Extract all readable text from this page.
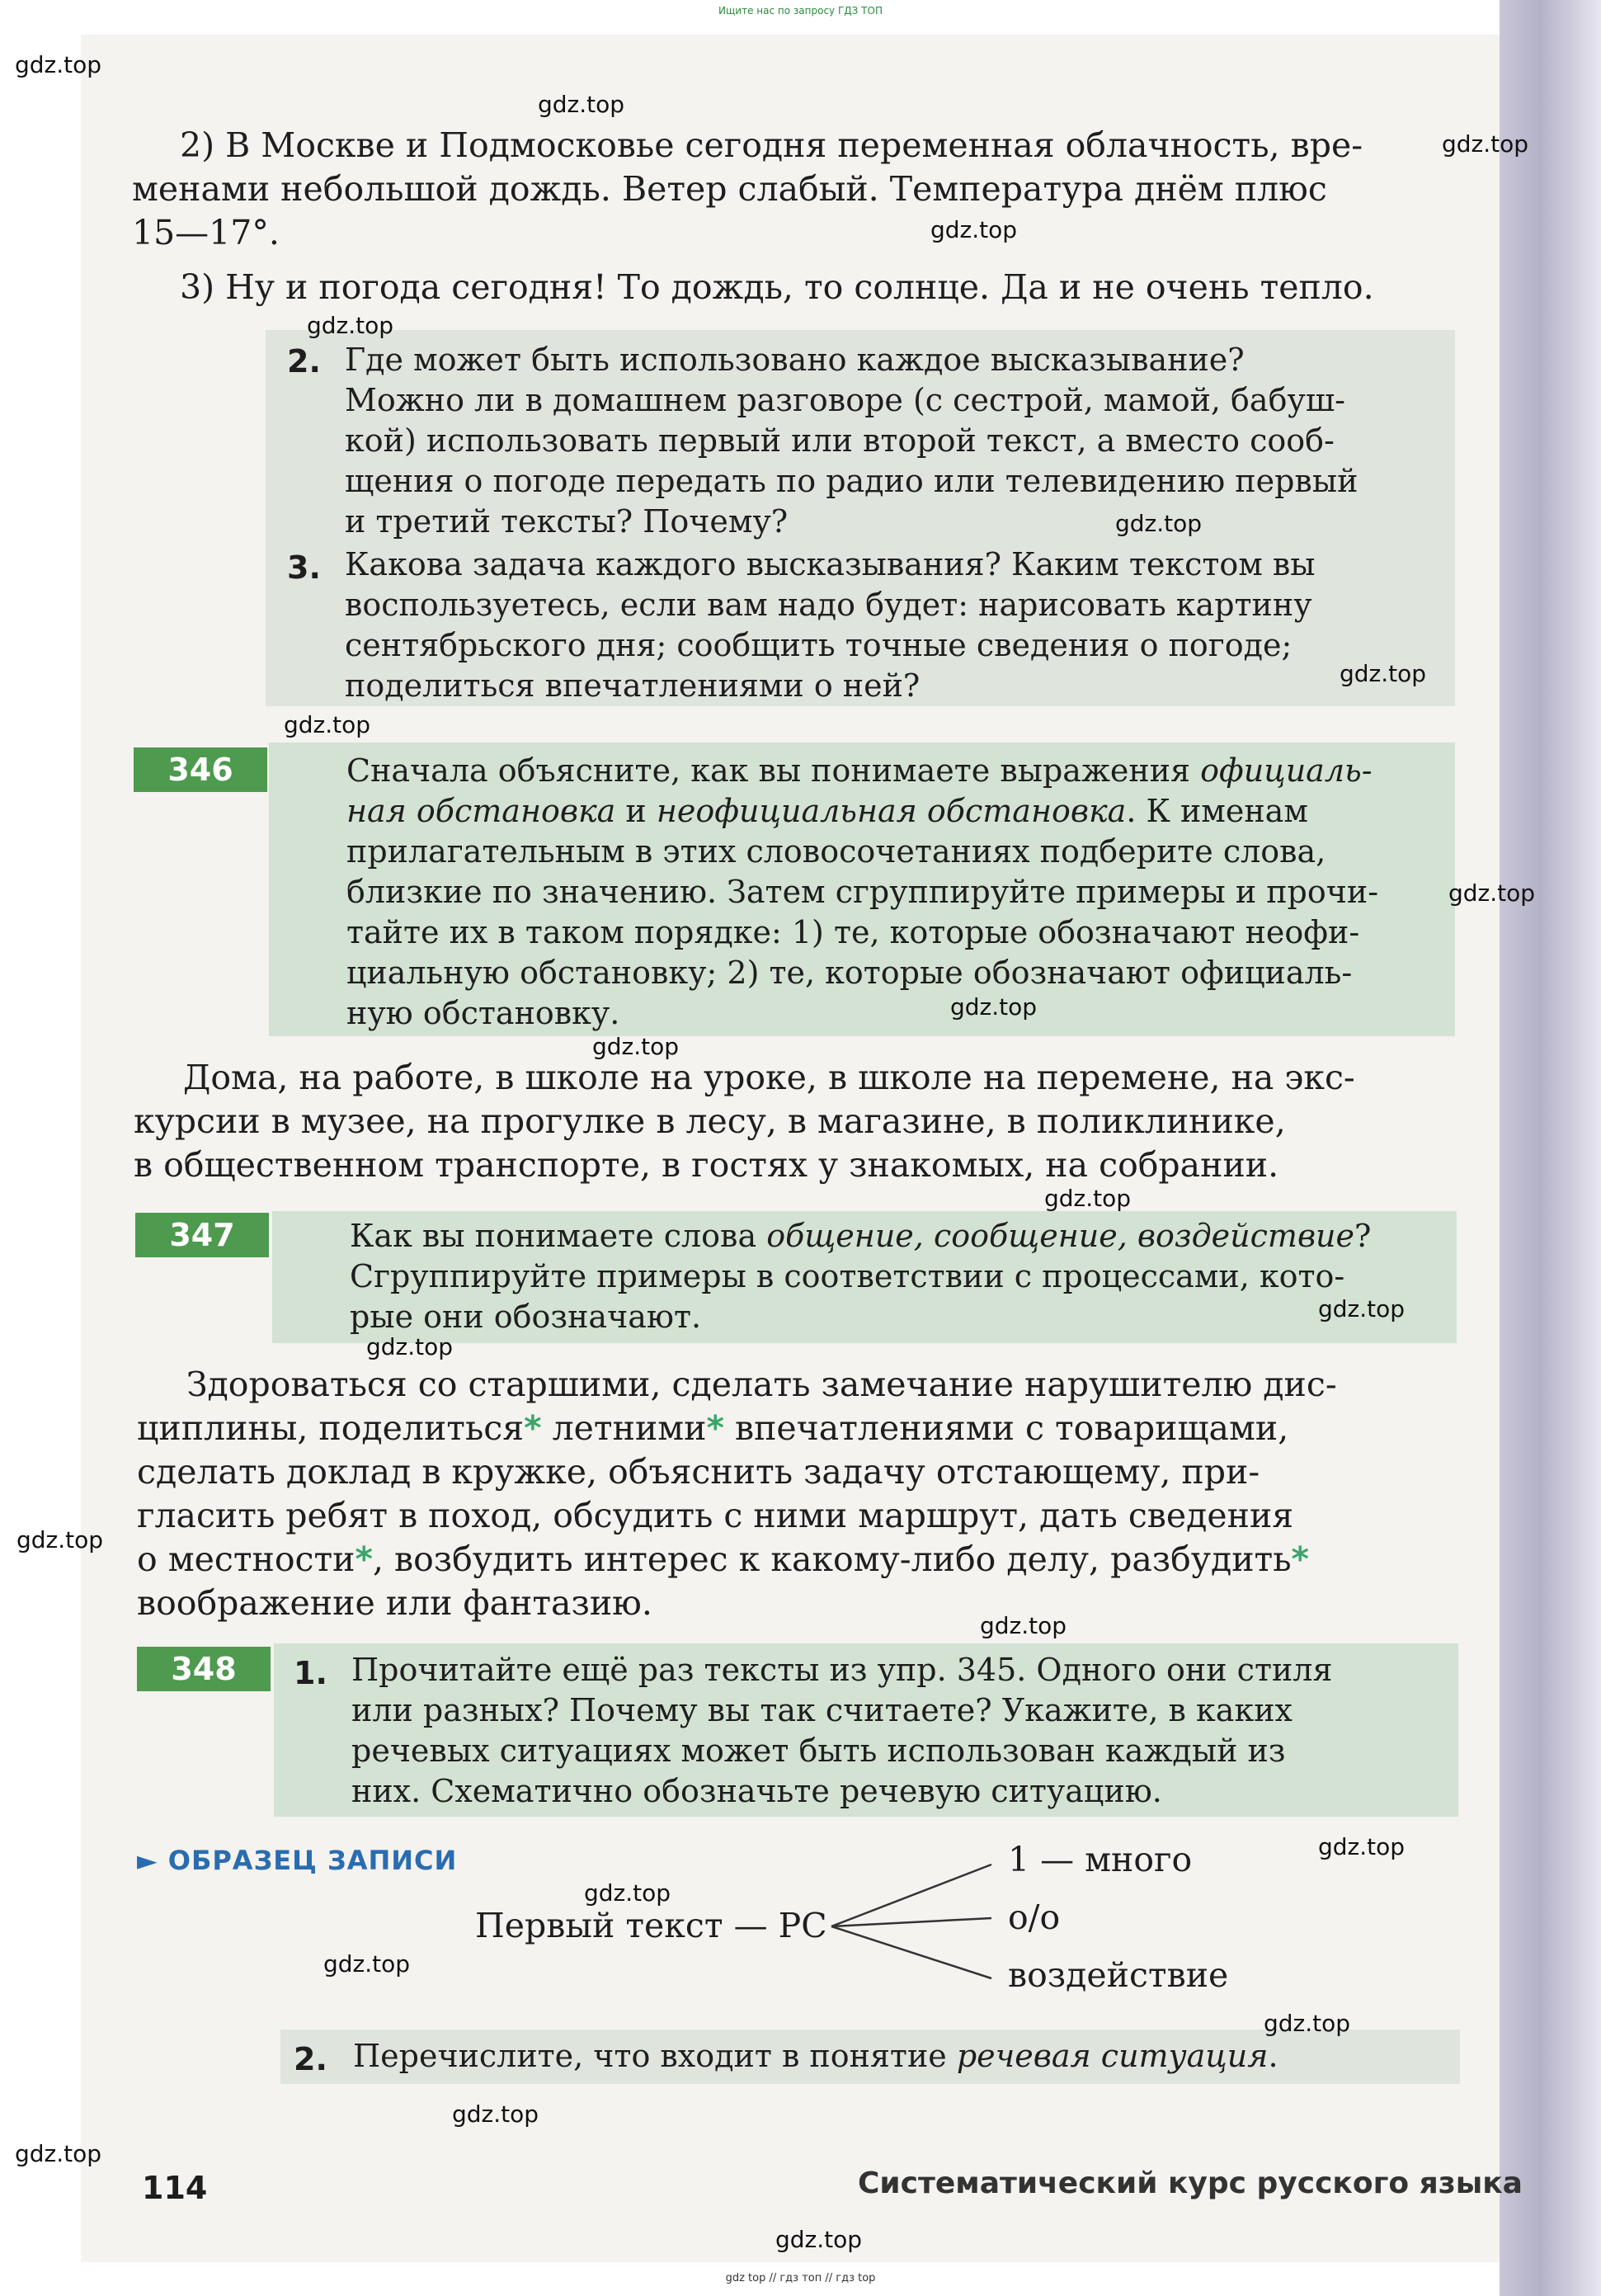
Ищите нас по запросу ГДЗ ТОП
2) В Москве и Подмосковье сегодня переменная облачность, вре-
менами небольшой дождь. Ветер слабый. Температура днём плюс
15—17°.
3) Ну и погода сегодня! То дождь, то солнце. Да и не очень тепло.
2. Где может быть использовано каждое высказывание?
Можно ли в домашнем разговоре (с сестрой, мамой, бабуш-
кой) использовать первый или второй текст, а вместо сооб-
щения о погоде передать по радио или телевидению первый
и третий тексты? Почему?
3. Какова задача каждого высказывания? Каким текстом вы
воспользуетесь, если вам надо будет: нарисовать картину
сентябрьского дня; сообщить точные сведения о погоде;
поделиться впечатлениями о ней?
346	Сначала объясните, как вы понимаете выражения официаль-
ная обстановка и неофициальная обстановка. К именам
прилагательным в этих словосочетаниях подберите слова,
близкие по значению. Затем сгруппируйте примеры и прочи-
тайте их в таком порядке: 1) те, которые обозначают неофи-
циальную обстановку; 2) те, которые обозначают официаль-
ную обстановку.
Дома, на работе, в школе на уроке, в школе на перемене, на экс-
курсии в музее, на прогулке в лесу, в магазине, в поликлинике,
в общественном транспорте, в гостях у знакомых, на собрании.
347	Как вы понимаете слова общение, сообщение, воздействие?
Сгруппируйте примеры в соответствии с процессами, кото-
рые они обозначают.
Здороваться со старшими, сделать замечание нарушителю дис-
циплины, поделиться* летними* впечатлениями с товарищами,
сделать доклад в кружке, объяснить задачу отстающему, при-
гласить ребят в поход, обсудить с ними маршрут, дать сведения
о местности*, возбудить интерес к какому-либо делу, разбудить*
воображение или фантазию.
348	1. Прочитайте ещё раз тексты из упр. 345. Одного они стиля
или разных? Почему вы так считаете? Укажите, в каких
речевых ситуациях может быть использован каждый из
них. Схематично обозначьте речевую ситуацию.
► ОБРАЗЕЦ ЗАПИСИ
Первый текст — РС
1 — много
о/о
воздействие
2. Перечислите, что входит в понятие речевая ситуация.
114	Систематический курс русского языка
gdz top // гдз топ // гдз top
gdz.top
gdz.top
gdz.top
gdz.top
gdz.top
gdz.top
gdz.top
gdz.top
gdz.top
gdz.top
gdz.top
gdz.top
gdz.top
gdz.top
gdz.top
gdz.top
gdz.top
gdz.top
gdz.top
gdz.top
gdz.top
gdz.top
gdz.top
